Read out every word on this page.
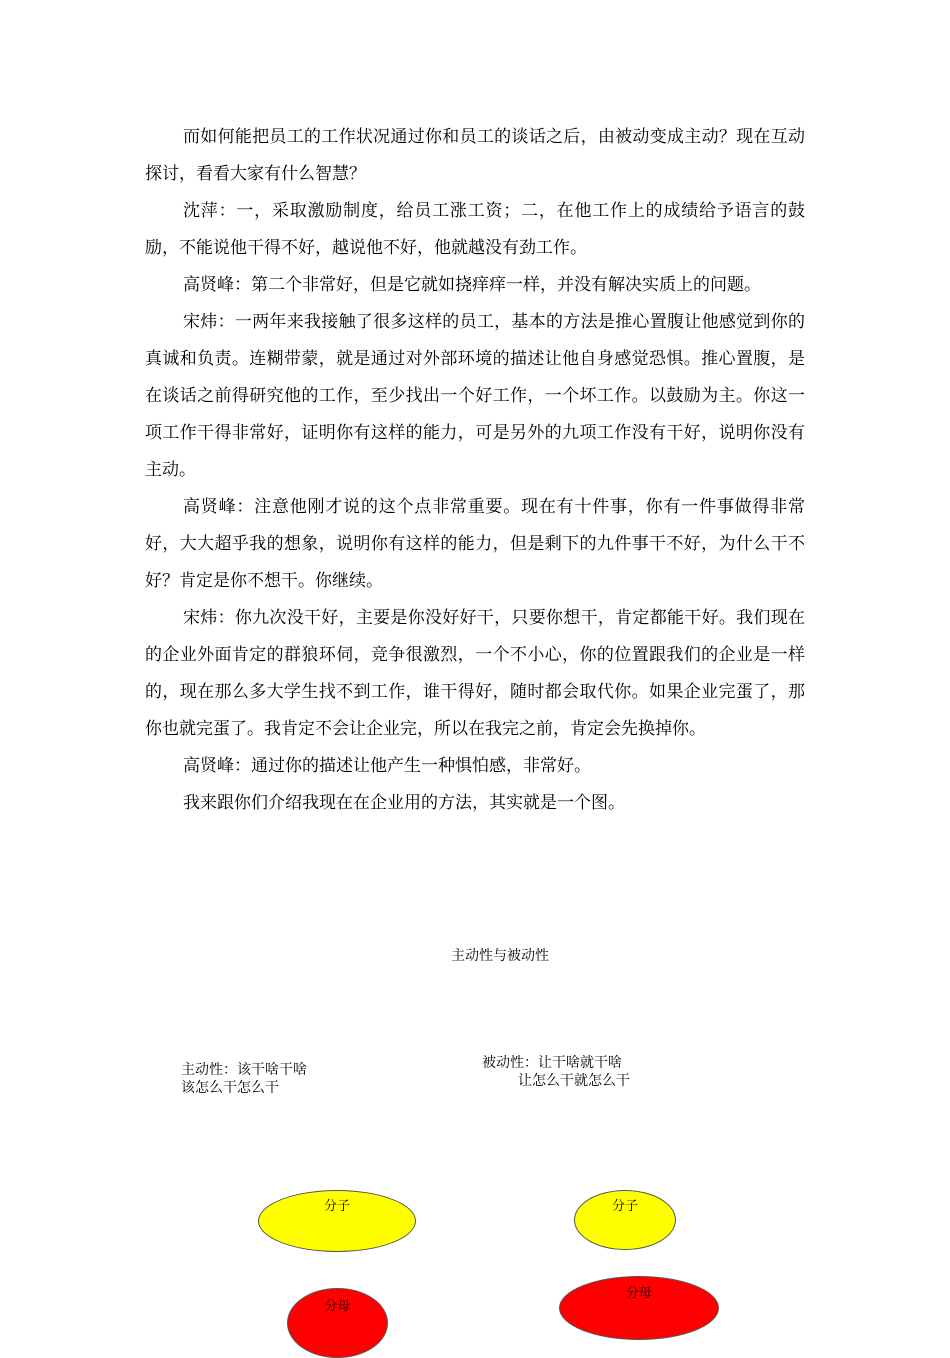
而如何能把员工的工作状况通过你和员工的谈话之后，由被动变成主动？现在互动探讨，看看大家有什么智慧？

沈萍：一，采取激励制度，给员工涨工资；二，在他工作上的成绩给予语言的鼓励，不能说他干得不好，越说他不好，他就越没有劲工作。

高贤峰：第二个非常好，但是它就如挠痒痒一样，并没有解决实质上的问题。

宋炜：一两年来我接触了很多这样的员工，基本的方法是推心置腹让他感觉到你的真诚和负责。连糊带蒙，就是通过对外部环境的描述让他自身感觉恐惧。推心置腹，是在谈话之前得研究他的工作，至少找出一个好工作，一个坏工作。以鼓励为主。你这一项工作干得非常好，证明你有这样的能力，可是另外的九项工作没有干好，说明你没有主动。

高贤峰：注意他刚才说的这个点非常重要。现在有十件事，你有一件事做得非常好，大大超乎我的想象，说明你有这样的能力，但是剩下的九件事干不好，为什么干不好？肯定是你不想干。你继续。

宋炜：你九次没干好，主要是你没好好干，只要你想干，肯定都能干好。我们现在的企业外面肯定的群狼环伺，竞争很激烈，一个不小心，你的位置跟我们的企业是一样的，现在那么多大学生找不到工作，谁干得好，随时都会取代你。如果企业完蛋了，那你也就完蛋了。我肯定不会让企业完，所以在我完之前，肯定会先换掉你。

高贤峰：通过你的描述让他产生一种惧怕感，非常好。

我来跟你们介绍我现在在企业用的方法，其实就是一个图。

主动性与被动性
主动性：该干啥干啥
该怎么干怎么干
被动性：让干啥就干啥
让怎么干就怎么干
分子	分子
分母
分母
